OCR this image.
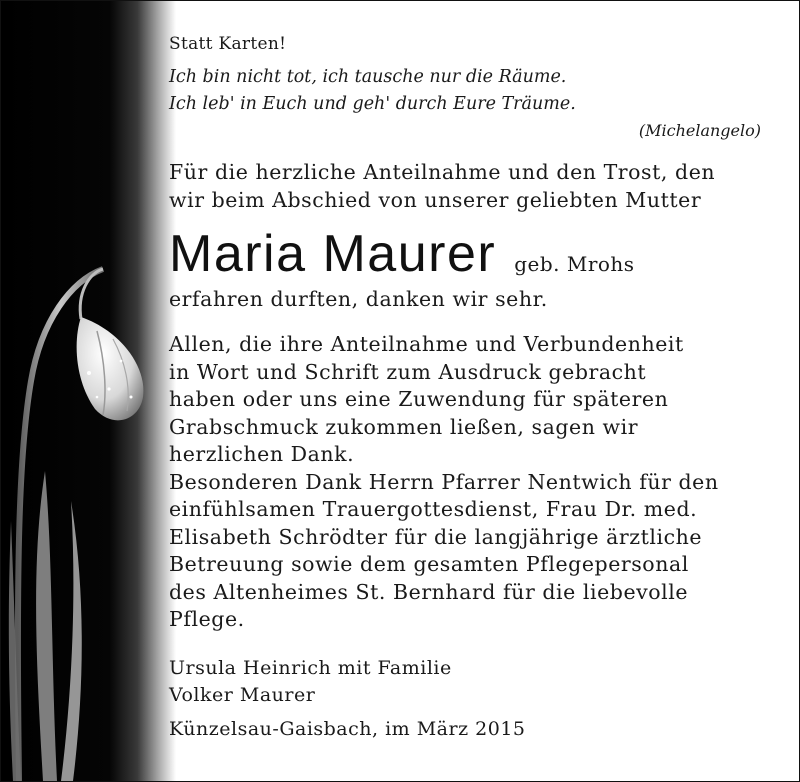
Statt Karten!
Ich bin nicht tot, ich tausche nur die Räume.
Ich leb' in Euch und geh' durch Eure Träume.
(Michelangelo)
Für die herzliche Anteilnahme und den Trost, den
wir beim Abschied von unserer geliebten Mutter
Maria Maurer geb. Mrohs
erfahren durften, danken wir sehr.
Allen, die ihre Anteilnahme und Verbundenheit
in Wort und Schrift zum Ausdruck gebracht
haben oder uns eine Zuwendung für späteren
Grabschmuck zukommen ließen, sagen wir
herzlichen Dank.
Besonderen Dank Herrn Pfarrer Nentwich für den
einfühlsamen Trauergottesdienst, Frau Dr. med.
Elisabeth Schrödter für die langjährige ärztliche
Betreuung sowie dem gesamten Pflegepersonal
des Altenheimes St. Bernhard für die liebevolle
Pflege.
Ursula Heinrich mit Familie
Volker Maurer
Künzelsau-Gaisbach, im März 2015
